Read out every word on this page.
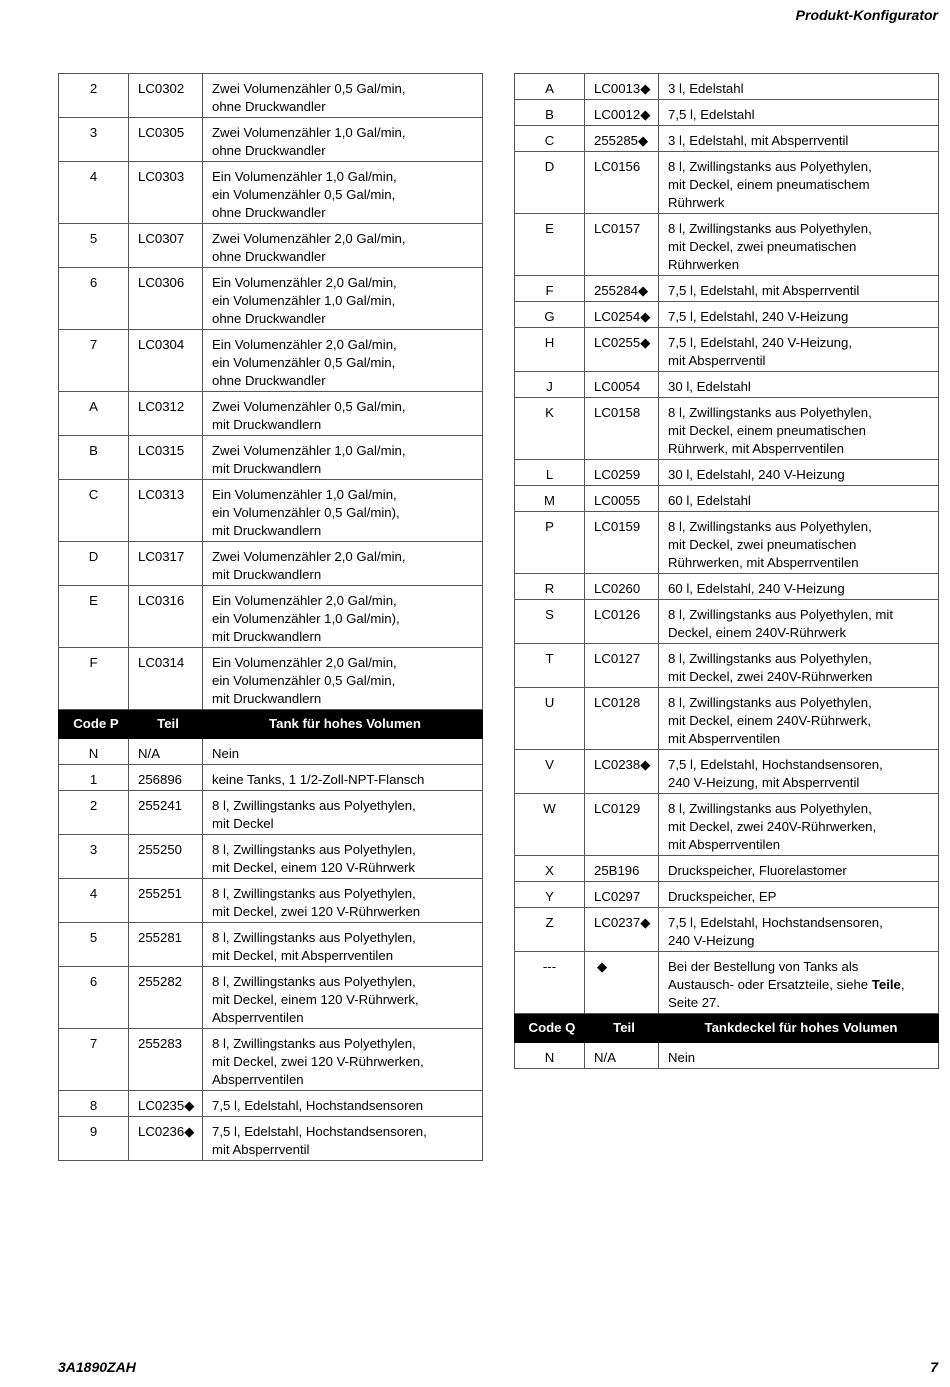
Produkt-Konfigurator
2	LC0302	Zwei Volumenzähler 0,5 Gal/min,
ohne Druckwandler
3	LC0305	Zwei Volumenzähler 1,0 Gal/min,
ohne Druckwandler
4	LC0303	Ein Volumenzähler 1,0 Gal/min,
ein Volumenzähler 0,5 Gal/min,
ohne Druckwandler
5	LC0307	Zwei Volumenzähler 2,0 Gal/min,
ohne Druckwandler
6	LC0306	Ein Volumenzähler 2,0 Gal/min,
ein Volumenzähler 1,0 Gal/min,
ohne Druckwandler
7	LC0304	Ein Volumenzähler 2,0 Gal/min,
ein Volumenzähler 0,5 Gal/min,
ohne Druckwandler
A	LC0312	Zwei Volumenzähler 0,5 Gal/min,
mit Druckwandlern
B	LC0315	Zwei Volumenzähler 1,0 Gal/min,
mit Druckwandlern
C	LC0313	Ein Volumenzähler 1,0 Gal/min,
ein Volumenzähler 0,5 Gal/min),
mit Druckwandlern
D	LC0317	Zwei Volumenzähler 2,0 Gal/min,
mit Druckwandlern
E	LC0316	Ein Volumenzähler 2,0 Gal/min,
ein Volumenzähler 1,0 Gal/min),
mit Druckwandlern
F	LC0314	Ein Volumenzähler 2,0 Gal/min,
ein Volumenzähler 0,5 Gal/min,
mit Druckwandlern
Code P	Teil	Tank für hohes Volumen
N	N/A	Nein
1	256896	keine Tanks, 1 1/2-Zoll-NPT-Flansch
2	255241	8 l, Zwillingstanks aus Polyethylen,
mit Deckel
3	255250	8 l, Zwillingstanks aus Polyethylen,
mit Deckel, einem 120 V-Rührwerk
4	255251	8 l, Zwillingstanks aus Polyethylen,
mit Deckel, zwei 120 V-Rührwerken
5	255281	8 l, Zwillingstanks aus Polyethylen,
mit Deckel, mit Absperrventilen
6	255282	8 l, Zwillingstanks aus Polyethylen,
mit Deckel, einem 120 V-Rührwerk,
Absperrventilen
7	255283	8 l, Zwillingstanks aus Polyethylen,
mit Deckel, zwei 120 V-Rührwerken,
Absperrventilen
8	LC0235◆	7,5 l, Edelstahl, Hochstandsensoren
9	LC0236◆	7,5 l, Edelstahl, Hochstandsensoren,
mit Absperrventil
A	LC0013◆	3 l, Edelstahl
B	LC0012◆	7,5 l, Edelstahl
C	255285◆	3 l, Edelstahl, mit Absperrventil
D	LC0156	8 l, Zwillingstanks aus Polyethylen,
mit Deckel, einem pneumatischem
Rührwerk
E	LC0157	8 l, Zwillingstanks aus Polyethylen,
mit Deckel, zwei pneumatischen
Rührwerken
F	255284◆	7,5 l, Edelstahl, mit Absperrventil
G	LC0254◆	7,5 l, Edelstahl, 240 V-Heizung
H	LC0255◆	7,5 l, Edelstahl, 240 V-Heizung,
mit Absperrventil
J	LC0054	30 l, Edelstahl
K	LC0158	8 l, Zwillingstanks aus Polyethylen,
mit Deckel, einem pneumatischen
Rührwerk, mit Absperrventilen
L	LC0259	30 l, Edelstahl, 240 V-Heizung
M	LC0055	60 l, Edelstahl
P	LC0159	8 l, Zwillingstanks aus Polyethylen,
mit Deckel, zwei pneumatischen
Rührwerken, mit Absperrventilen
R	LC0260	60 l, Edelstahl, 240 V-Heizung
S	LC0126	8 l, Zwillingstanks aus Polyethylen, mit
Deckel, einem 240V-Rührwerk
T	LC0127	8 l, Zwillingstanks aus Polyethylen,
mit Deckel, zwei 240V-Rührwerken
U	LC0128	8 l, Zwillingstanks aus Polyethylen,
mit Deckel, einem 240V-Rührwerk,
mit Absperrventilen
V	LC0238◆	7,5 l, Edelstahl, Hochstandsensoren,
240 V-Heizung, mit Absperrventil
W	LC0129	8 l, Zwillingstanks aus Polyethylen,
mit Deckel, zwei 240V-Rührwerken,
mit Absperrventilen
X	25B196	Druckspeicher, Fluorelastomer
Y	LC0297	Druckspeicher, EP
Z	LC0237◆	7,5 l, Edelstahl, Hochstandsensoren,
240 V-Heizung
---	◆	Bei der Bestellung von Tanks als
Austausch- oder Ersatzteile, siehe Teile,
Seite 27.
Code Q	Teil	Tankdeckel für hohes Volumen
N	N/A	Nein
3A1890ZAH	7
